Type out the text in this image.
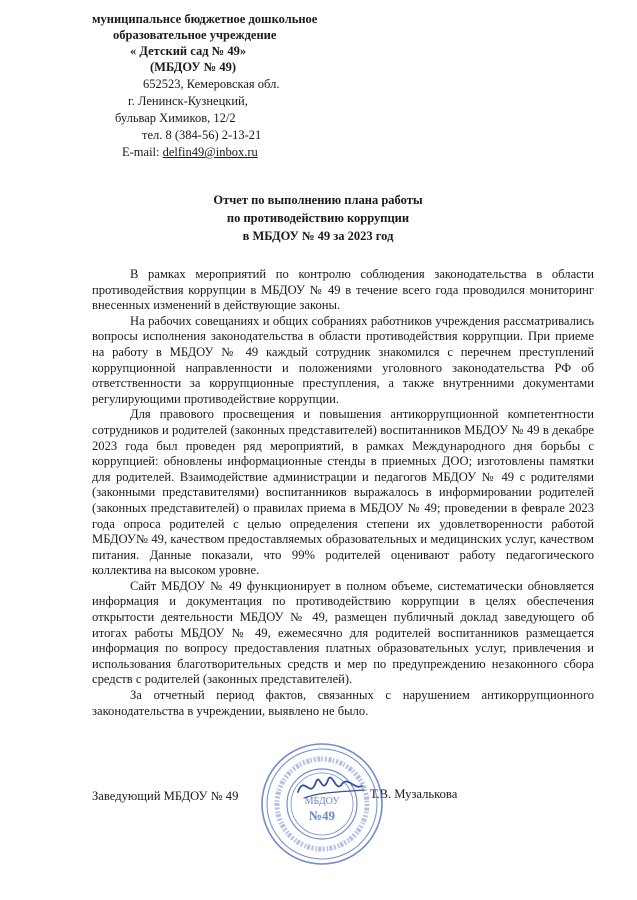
муниципальнсе бюджетное дошкольное
образовательное учреждение
« Детский сад № 49»
(МБДОУ № 49)
652523, Кемеровская обл.
г. Ленинск-Кузнецкий,
бульвар Химиков, 12/2
тел. 8 (384-56) 2-13-21
E-mail: delfin49@inbox.ru
Отчет по выполнению плана работы
по противодействию коррупции
в МБДОУ № 49 за 2023 год

В рамках мероприятий по контролю соблюдения законодательства в области противодействия коррупции в МБДОУ № 49 в течение всего года проводился мониторинг внесенных изменений в действующие законы.

На рабочих совещаниях и общих собраниях работников учреждения рассматривались вопросы исполнения законодательства в области противодействия коррупции. При приеме на работу в МБДОУ № 49 каждый сотрудник знакомился с перечнем преступлений коррупционной направленности и положениями уголовного законодательства РФ об ответственности за коррупционные преступления, а также внутренними документами регулирующими противодействие коррупции.

Для правового просвещения и повышения антикоррупционной компетентности сотрудников и родителей (законных представителей) воспитанников МБДОУ № 49 в декабре 2023 года был проведен ряд мероприятий, в рамках Международного дня борьбы с коррупцией: обновлены информационные стенды в приемных ДОО; изготовлены памятки для родителей. Взаимодействие администрации и педагогов МБДОУ № 49 с родителями (законными представителями) воспитанников выражалось в информировании родителей (законных представителей) о правилах приема в МБДОУ № 49; проведении в феврале 2023 года опроса родителей с целью определения степени их удовлетворенности работой МБДОУ№ 49, качеством предоставляемых образовательных и медицинских услуг, качеством питания. Данные показали, что 99% родителей оценивают работу педагогического коллектива на высоком уровне.

Сайт МБДОУ № 49 функционирует в полном объеме, систематически обновляется информация и документация по противодействию коррупции в целях обеспечения открытости деятельности МБДОУ № 49, размещен публичный доклад заведующего об итогах работы МБДОУ № 49, ежемесячно для родителей воспитанников размещается информация по вопросу предоставления платных образовательных услуг, привлечения и использования благотворительных средств и мер по предупреждению незаконного сбора средств с родителей (законных представителей).

За отчетный период фактов, связанных с нарушением антикоррупционного законодательства в учреждении, выявлено не было.

Заведующий МБДОУ № 49	Т.В. Музалькова
МБДОУ
№49
